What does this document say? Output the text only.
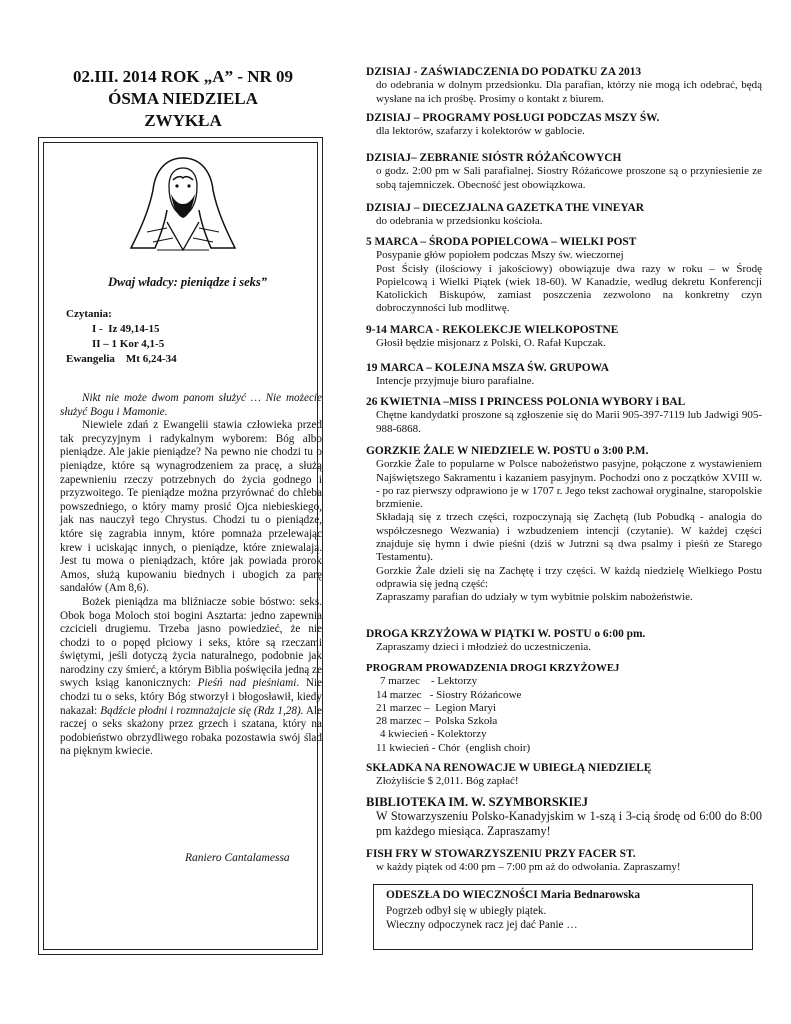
02.III. 2014 ROK „A” - NR 09
ÓSMA NIEDZIELA
ZWYKŁA
Dwaj władcy: pieniądze i seks”
Czytania:
I -  Iz 49,14-15
II – 1 Kor 4,1-5
Ewangelia    Mt 6,24-34

Nikt nie może dwom panom służyć … Nie możecie służyć Bogu i Mamonie.

Niewiele zdań z Ewangelii stawia człowieka przed tak precyzyjnym i radykalnym wyborem: Bóg albo pieniądze. Ale jakie pieniądze? Na pewno nie chodzi tu o pieniądze, które są wynagrodzeniem za pracę, a służą zapewnieniu rzeczy potrzebnych do życia godnego i przyzwoitego. Te pieniądze można przyrównać do chleba powszedniego, o który mamy prosić Ojca niebieskiego, jak nas nauczył tego Chrystus. Chodzi tu o pieniądze, które się zagrabia innym, które pomnaża przelewając krew i uciskając innych, o pieniądze, które zniewalają. Jest tu mowa o pieniądzach, które jak powiada prorok Amos, służą kupowaniu biednych i ubogich za parę sandałów (Am 8,6).

Bożek pieniądza ma bliźniacze sobie bóstwo: seks. Obok boga Moloch stoi bogini Asztarta: jedno zapewnia czcicieli drugiemu. Trzeba jasno powiedzieć, że nie chodzi to o popęd płciowy i seks, które są rzeczami świętymi, jeśli dotyczą życia naturalnego, podobnie jak narodziny czy śmierć, a którym Biblia poświęciła jedną ze swych ksiąg kanonicznych: Pieśń nad pieśniami. Nie chodzi tu o seks, który Bóg stworzył i błogosławił, kiedy nakazał: Bądźcie płodni i rozmnażajcie się (Rdz 1,28). Ale raczej o seks skażony przez grzech i szatana, który na podobieństwo obrzydliwego robaka pozostawia swój ślad na pięknym kwiecie.

Raniero Cantalamessa
DZISIAJ - ZAŚWIADCZENIA DO PODATKU ZA 2013
do odebrania w dolnym przedsionku. Dla parafian, którzy nie mogą ich odebrać, będą wysłane na ich prośbę. Prosimy o kontakt z biurem.
DZISIAJ – PROGRAMY POSŁUGI PODCZAS MSZY ŚW.
dla lektorów, szafarzy i kolektorów w gablocie.
DZISIAJ– ZEBRANIE SIÓSTR RÓŻAŃCOWYCH
o godz. 2:00 pm w Sali parafialnej. Siostry Różańcowe proszone są o przyniesienie ze sobą tajemniczek. Obecność jest obowiązkowa.
DZISIAJ – DIECEZJALNA GAZETKA THE VINEYAR
do odebrania w przedsionku kościoła.
5 MARCA – ŚRODA POPIELCOWA – WIELKI POST
Posypanie głów popiołem podczas Mszy św. wieczornej
Post Ścisły (ilościowy i jakościowy) obowiązuje dwa razy w roku – w Środę Popielcową i Wielki Piątek (wiek 18-60). W Kanadzie, według dekretu Konferencji Katolickich Biskupów, zamiast poszczenia zezwolono na konkretny czyn dobroczynności lub modlitwę.
9-14 MARCA - REKOLEKCJE WIELKOPOSTNE
Głosił będzie misjonarz z Polski, O. Rafał Kupczak.
19 MARCA – KOLEJNA MSZA ŚW. GRUPOWA
Intencje przyjmuje biuro parafialne.
26 KWIETNIA –MISS I PRINCESS POLONIA WYBORY i BAL
Chętne kandydatki proszone są zgłoszenie się do Marii 905-397-7119 lub Jadwigi 905-988-6868.
GORZKIE ŻALE W NIEDZIELE W. POSTU o 3:00 P.M.
Gorzkie Żale to popularne w Polsce nabożeństwo pasyjne, połączone z wystawieniem Najświętszego Sakramentu i kazaniem pasyjnym. Pochodzi ono z początków XVIII w. - po raz pierwszy odprawiono je w 1707 r. Jego tekst zachował oryginalne, staropolskie brzmienie.
Składają się z trzech części, rozpoczynają się Zachętą (lub Pobudką - analogia do współczesnego Wezwania) i wzbudzeniem intencji (czytanie). W każdej części znajduje się hymn i dwie pieśni (dziś w Jutrzni są dwa psalmy i pieśń ze Starego Testamentu).
Gorzkie Żale dzieli się na Zachętę i trzy części. W każdą niedzielę Wielkiego Postu odprawia się jedną część:
Zapraszamy parafian do udziały w tym wybitnie polskim nabożeństwie.
DROGA KRZYŻOWA W PIĄTKI W. POSTU o 6:00 pm.
Zapraszamy dzieci i młodzież do uczestniczenia.
PROGRAM PROWADZENIA DROGI KRZYŻOWEJ
7 marzec    - Lektorzy
14 marzec   - Siostry Różańcowe
21 marzec –  Legion Maryi
28 marzec –  Polska Szkoła
4 kwiecień - Kolektorzy
11 kwiecień - Chór  (english choir)
SKŁADKA NA RENOWACJE W UBIEGŁĄ NIEDZIELĘ
Złożyliście $ 2,011. Bóg zapłać!
BIBLIOTEKA IM. W. SZYMBORSKIEJ
W Stowarzyszeniu Polsko-Kanadyjskim w 1-szą i 3-cią środę od 6:00 do 8:00 pm każdego miesiąca. Zapraszamy!
FISH FRY W STOWARZYSZENIU PRZY FACER ST.
w każdy piątek od 4:00 pm – 7:00 pm aż do odwołania. Zapraszamy!
ODESZŁA DO WIECZNOŚCI Maria Bednarowska
Pogrzeb odbył się w ubiegły piątek.
Wieczny odpoczynek racz jej dać Panie …
